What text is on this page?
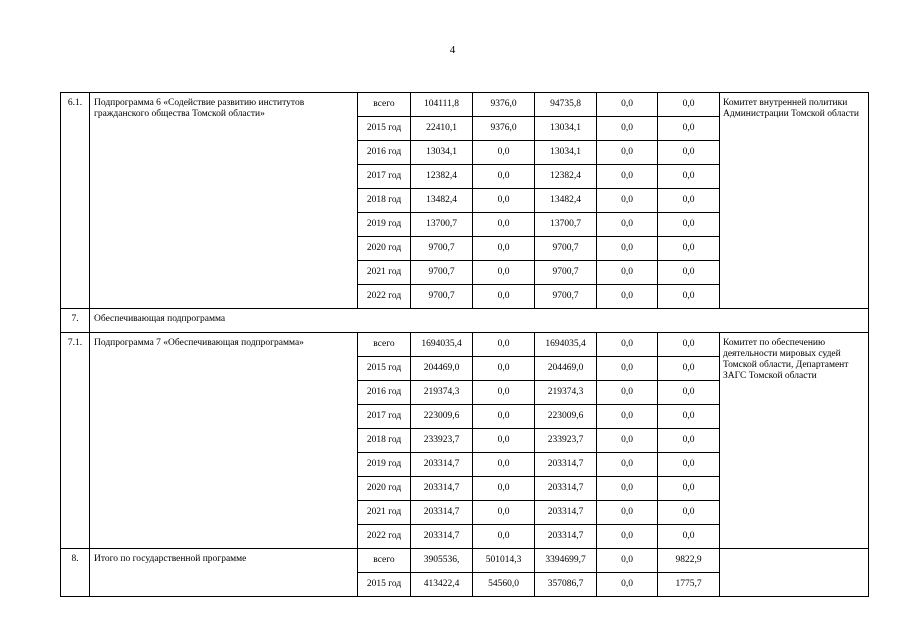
4
6.1.	Подпрограмма 6 «Содействие развитию институтов гражданского общества Томской области»	всего	104111,8	9376,0	94735,8	0,0	0,0	Комитет внутренней политики Администрации Томской области
		2015 год	22410,1	9376,0	13034,1	0,0	0,0	
		2016 год	13034,1	0,0	13034,1	0,0	0,0	
		2017 год	12382,4	0,0	12382,4	0,0	0,0	
		2018 год	13482,4	0,0	13482,4	0,0	0,0	
		2019 год	13700,7	0,0	13700,7	0,0	0,0	
		2020 год	9700,7	0,0	9700,7	0,0	0,0	
		2021 год	9700,7	0,0	9700,7	0,0	0,0	
		2022 год	9700,7	0,0	9700,7	0,0	0,0	
7.	Обеспечивающая подпрограмма							
7.1.	Подпрограмма 7 «Обеспечивающая подпрограмма»	всего	1694035,4	0,0	1694035,4	0,0	0,0	Комитет по обеспечению деятельности мировых судей Томской области, Департамент ЗАГС Томской области
		2015 год	204469,0	0,0	204469,0	0,0	0,0	
		2016 год	219374,3	0,0	219374,3	0,0	0,0	
		2017 год	223009,6	0,0	223009,6	0,0	0,0	
		2018 год	233923,7	0,0	233923,7	0,0	0,0	
		2019 год	203314,7	0,0	203314,7	0,0	0,0	
		2020 год	203314,7	0,0	203314,7	0,0	0,0	
		2021 год	203314,7	0,0	203314,7	0,0	0,0	
		2022 год	203314,7	0,0	203314,7	0,0	0,0	
8.	Итого по государственной программе	всего	3905536,	501014,3	3394699,7	0,0	9822,9	
		2015 год	413422,4	54560,0	357086,7	0,0	1775,7	
